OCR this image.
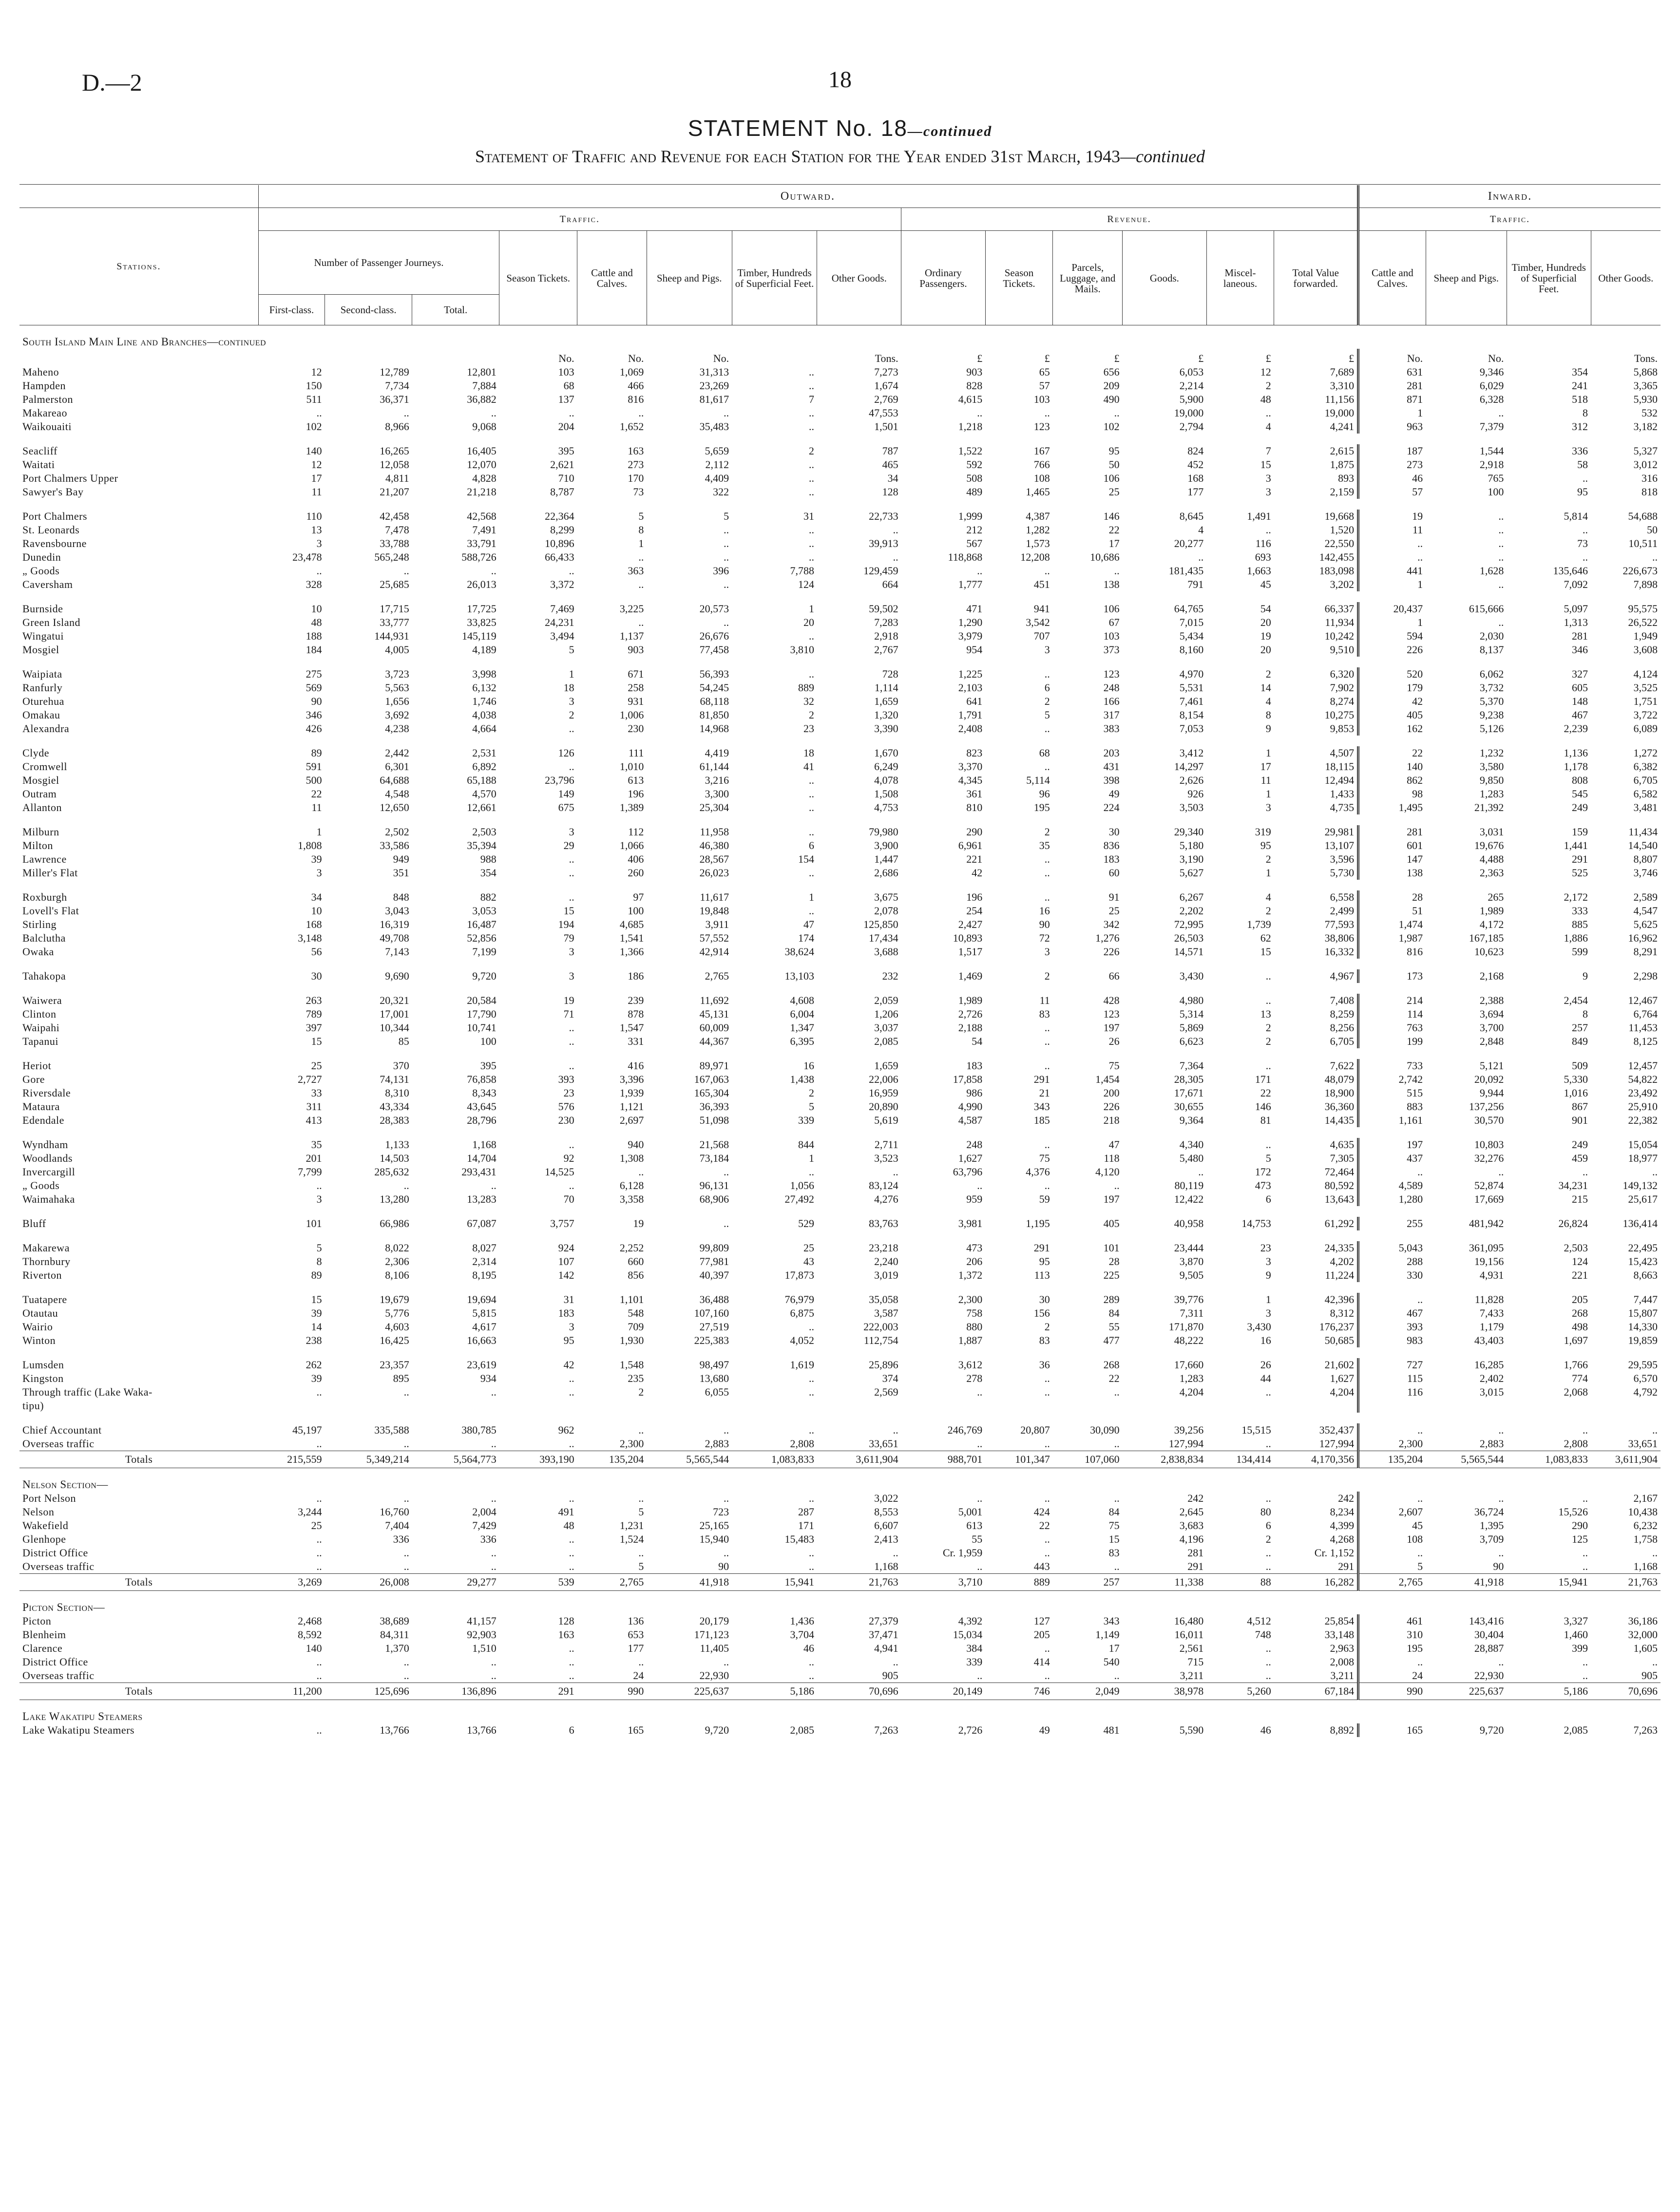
D.—2	18
STATEMENT No. 18—continued
Statement of Traffic and Revenue for each Station for the Year ended 31st March, 1943—continued
	Outward.														Inward.			
Stations.	Traffic.								Revenue.						Traffic.			
	Number of Passenger Journeys.			Season Tickets.	Cattle and Calves.	Sheep and Pigs.	Timber, Hundreds of Superficial Feet.	Other Goods.	Ordinary Passengers.	Season Tickets.	Parcels, Luggage, and Mails.	Goods.	Miscel-laneous.	Total Value forwarded.	Cattle and Calves.	Sheep and Pigs.	Timber, Hundreds of Superficial Feet.	Other Goods.
	First-class.	Second-class.	Total.															
South Island Main Line and Branches—continued																		
				No.	No.	No.		Tons.	£	£	£	£	£	£	No.	No.		Tons.
Maheno	12	12,789	12,801	103	1,069	31,313	..	7,273	903	65	656	6,053	12	7,689	631	9,346	354	5,868
Hampden	150	7,734	7,884	68	466	23,269	..	1,674	828	57	209	2,214	2	3,310	281	6,029	241	3,365
Palmerston	511	36,371	36,882	137	816	81,617	7	2,769	4,615	103	490	5,900	48	11,156	871	6,328	518	5,930
Makareao	..	..	..	..	..	..	..	47,553	..	..	..	19,000	..	19,000	1	..	8	532
Waikouaiti	102	8,966	9,068	204	1,652	35,483	..	1,501	1,218	123	102	2,794	4	4,241	963	7,379	312	3,182

Seacliff	140	16,265	16,405	395	163	5,659	2	787	1,522	167	95	824	7	2,615	187	1,544	336	5,327
Waitati	12	12,058	12,070	2,621	273	2,112	..	465	592	766	50	452	15	1,875	273	2,918	58	3,012
Port Chalmers Upper	17	4,811	4,828	710	170	4,409	..	34	508	108	106	168	3	893	46	765	..	316
Sawyer's Bay	11	21,207	21,218	8,787	73	322	..	128	489	1,465	25	177	3	2,159	57	100	95	818

Port Chalmers	110	42,458	42,568	22,364	5	5	31	22,733	1,999	4,387	146	8,645	1,491	19,668	19	..	5,814	54,688
St. Leonards	13	7,478	7,491	8,299	8	..	..	..	212	1,282	22	4	..	1,520	11	..	..	50
Ravensbourne	3	33,788	33,791	10,896	1	..	..	39,913	567	1,573	17	20,277	116	22,550	..	..	73	10,511
Dunedin	23,478	565,248	588,726	66,433	..	..	..	..	118,868	12,208	10,686	..	693	142,455	..	..	..	..
„ Goods	..	..	..	..	363	396	7,788	129,459	..	..	..	181,435	1,663	183,098	441	1,628	135,646	226,673
Caversham	328	25,685	26,013	3,372	..	..	124	664	1,777	451	138	791	45	3,202	1	..	7,092	7,898

Burnside	10	17,715	17,725	7,469	3,225	20,573	1	59,502	471	941	106	64,765	54	66,337	20,437	615,666	5,097	95,575
Green Island	48	33,777	33,825	24,231	..	..	20	7,283	1,290	3,542	67	7,015	20	11,934	1	..	1,313	26,522
Wingatui	188	144,931	145,119	3,494	1,137	26,676	..	2,918	3,979	707	103	5,434	19	10,242	594	2,030	281	1,949
Mosgiel	184	4,005	4,189	5	903	77,458	3,810	2,767	954	3	373	8,160	20	9,510	226	8,137	346	3,608

Waipiata	275	3,723	3,998	1	671	56,393	..	728	1,225	..	123	4,970	2	6,320	520	6,062	327	4,124
Ranfurly	569	5,563	6,132	18	258	54,245	889	1,114	2,103	6	248	5,531	14	7,902	179	3,732	605	3,525
Oturehua	90	1,656	1,746	3	931	68,118	32	1,659	641	2	166	7,461	4	8,274	42	5,370	148	1,751
Omakau	346	3,692	4,038	2	1,006	81,850	2	1,320	1,791	5	317	8,154	8	10,275	405	9,238	467	3,722
Alexandra	426	4,238	4,664	..	230	14,968	23	3,390	2,408	..	383	7,053	9	9,853	162	5,126	2,239	6,089

Clyde	89	2,442	2,531	126	111	4,419	18	1,670	823	68	203	3,412	1	4,507	22	1,232	1,136	1,272
Cromwell	591	6,301	6,892	..	1,010	61,144	41	6,249	3,370	..	431	14,297	17	18,115	140	3,580	1,178	6,382
Mosgiel	500	64,688	65,188	23,796	613	3,216	..	4,078	4,345	5,114	398	2,626	11	12,494	862	9,850	808	6,705
Outram	22	4,548	4,570	149	196	3,300	..	1,508	361	96	49	926	1	1,433	98	1,283	545	6,582
Allanton	11	12,650	12,661	675	1,389	25,304	..	4,753	810	195	224	3,503	3	4,735	1,495	21,392	249	3,481

Milburn	1	2,502	2,503	3	112	11,958	..	79,980	290	2	30	29,340	319	29,981	281	3,031	159	11,434
Milton	1,808	33,586	35,394	29	1,066	46,380	6	3,900	6,961	35	836	5,180	95	13,107	601	19,676	1,441	14,540
Lawrence	39	949	988	..	406	28,567	154	1,447	221	..	183	3,190	2	3,596	147	4,488	291	8,807
Miller's Flat	3	351	354	..	260	26,023	..	2,686	42	..	60	5,627	1	5,730	138	2,363	525	3,746

Roxburgh	34	848	882	..	97	11,617	1	3,675	196	..	91	6,267	4	6,558	28	265	2,172	2,589
Lovell's Flat	10	3,043	3,053	15	100	19,848	..	2,078	254	16	25	2,202	2	2,499	51	1,989	333	4,547
Stirling	168	16,319	16,487	194	4,685	3,911	47	125,850	2,427	90	342	72,995	1,739	77,593	1,474	4,172	885	5,625
Balclutha	3,148	49,708	52,856	79	1,541	57,552	174	17,434	10,893	72	1,276	26,503	62	38,806	1,987	167,185	1,886	16,962
Owaka	56	7,143	7,199	3	1,366	42,914	38,624	3,688	1,517	3	226	14,571	15	16,332	816	10,623	599	8,291

Tahakopa	30	9,690	9,720	3	186	2,765	13,103	232	1,469	2	66	3,430	..	4,967	173	2,168	9	2,298

Waiwera	263	20,321	20,584	19	239	11,692	4,608	2,059	1,989	11	428	4,980	..	7,408	214	2,388	2,454	12,467
Clinton	789	17,001	17,790	71	878	45,131	6,004	1,206	2,726	83	123	5,314	13	8,259	114	3,694	8	6,764
Waipahi	397	10,344	10,741	..	1,547	60,009	1,347	3,037	2,188	..	197	5,869	2	8,256	763	3,700	257	11,453
Tapanui	15	85	100	..	331	44,367	6,395	2,085	54	..	26	6,623	2	6,705	199	2,848	849	8,125

Heriot	25	370	395	..	416	89,971	16	1,659	183	..	75	7,364	..	7,622	733	5,121	509	12,457
Gore	2,727	74,131	76,858	393	3,396	167,063	1,438	22,006	17,858	291	1,454	28,305	171	48,079	2,742	20,092	5,330	54,822
Riversdale	33	8,310	8,343	23	1,939	165,304	2	16,959	986	21	200	17,671	22	18,900	515	9,944	1,016	23,492
Mataura	311	43,334	43,645	576	1,121	36,393	5	20,890	4,990	343	226	30,655	146	36,360	883	137,256	867	25,910
Edendale	413	28,383	28,796	230	2,697	51,098	339	5,619	4,587	185	218	9,364	81	14,435	1,161	30,570	901	22,382

Wyndham	35	1,133	1,168	..	940	21,568	844	2,711	248	..	47	4,340	..	4,635	197	10,803	249	15,054
Woodlands	201	14,503	14,704	92	1,308	73,184	1	3,523	1,627	75	118	5,480	5	7,305	437	32,276	459	18,977
Invercargill	7,799	285,632	293,431	14,525	..	..	..	..	63,796	4,376	4,120	..	172	72,464	..	..	..	..
„ Goods	..	..	..	..	6,128	96,131	1,056	83,124	..	..	..	80,119	473	80,592	4,589	52,874	34,231	149,132
Waimahaka	3	13,280	13,283	70	3,358	68,906	27,492	4,276	959	59	197	12,422	6	13,643	1,280	17,669	215	25,617

Bluff	101	66,986	67,087	3,757	19	..	529	83,763	3,981	1,195	405	40,958	14,753	61,292	255	481,942	26,824	136,414

Makarewa	5	8,022	8,027	924	2,252	99,809	25	23,218	473	291	101	23,444	23	24,335	5,043	361,095	2,503	22,495
Thornbury	8	2,306	2,314	107	660	77,981	43	2,240	206	95	28	3,870	3	4,202	288	19,156	124	15,423
Riverton	89	8,106	8,195	142	856	40,397	17,873	3,019	1,372	113	225	9,505	9	11,224	330	4,931	221	8,663

Tuatapere	15	19,679	19,694	31	1,101	36,488	76,979	35,058	2,300	30	289	39,776	1	42,396	..	11,828	205	7,447
Otautau	39	5,776	5,815	183	548	107,160	6,875	3,587	758	156	84	7,311	3	8,312	467	7,433	268	15,807
Wairio	14	4,603	4,617	3	709	27,519	..	222,003	880	2	55	171,870	3,430	176,237	393	1,179	498	14,330
Winton	238	16,425	16,663	95	1,930	225,383	4,052	112,754	1,887	83	477	48,222	16	50,685	983	43,403	1,697	19,859

Lumsden	262	23,357	23,619	42	1,548	98,497	1,619	25,896	3,612	36	268	17,660	26	21,602	727	16,285	1,766	29,595
Kingston	39	895	934	..	235	13,680	..	374	278	..	22	1,283	44	1,627	115	2,402	774	6,570
Through traffic (Lake Waka-	..	..	..	..	2	6,055	..	2,569	..	..	..	4,204	..	4,204	116	3,015	2,068	4,792
tipu)																		

Chief Accountant	45,197	335,588	380,785	962	..	..	..	..	246,769	20,807	30,090	39,256	15,515	352,437	..	..	..	..
Overseas traffic	..	..	..	..	2,300	2,883	2,808	33,651	..	..	..	127,994	..	127,994	2,300	2,883	2,808	33,651
Totals	215,559	5,349,214	5,564,773	393,190	135,204	5,565,544	1,083,833	3,611,904	988,701	101,347	107,060	2,838,834	134,414	4,170,356	135,204	5,565,544	1,083,833	3,611,904
Nelson Section—																		
Port Nelson	..	..	..	..	..	..	..	3,022	..	..	..	242	..	242	..	..	..	2,167
Nelson	3,244	16,760	2,004	491	5	723	287	8,553	5,001	424	84	2,645	80	8,234	2,607	36,724	15,526	10,438
Wakefield	25	7,404	7,429	48	1,231	25,165	171	6,607	613	22	75	3,683	6	4,399	45	1,395	290	6,232
Glenhope	..	336	336	..	1,524	15,940	15,483	2,413	55	..	15	4,196	2	4,268	108	3,709	125	1,758
District Office	..	..	..	..	..	..	..	..	Cr. 1,959	..	83	281	..	Cr. 1,152	..	..	..	..
Overseas traffic	..	..	..	..	5	90	..	1,168	..	443	..	291	..	291	5	90	..	1,168
Totals	3,269	26,008	29,277	539	2,765	41,918	15,941	21,763	3,710	889	257	11,338	88	16,282	2,765	41,918	15,941	21,763
Picton Section—																		
Picton	2,468	38,689	41,157	128	136	20,179	1,436	27,379	4,392	127	343	16,480	4,512	25,854	461	143,416	3,327	36,186
Blenheim	8,592	84,311	92,903	163	653	171,123	3,704	37,471	15,034	205	1,149	16,011	748	33,148	310	30,404	1,460	32,000
Clarence	140	1,370	1,510	..	177	11,405	46	4,941	384	..	17	2,561	..	2,963	195	28,887	399	1,605
District Office	..	..	..	..	..	..	..	..	339	414	540	715	..	2,008	..	..	..	..
Overseas traffic	..	..	..	..	24	22,930	..	905	..	..	..	3,211	..	3,211	24	22,930	..	905
Totals	11,200	125,696	136,896	291	990	225,637	5,186	70,696	20,149	746	2,049	38,978	5,260	67,184	990	225,637	5,186	70,696
Lake Wakatipu Steamers																		
Lake Wakatipu Steamers	..	13,766	13,766	6	165	9,720	2,085	7,263	2,726	49	481	5,590	46	8,892	165	9,720	2,085	7,263
